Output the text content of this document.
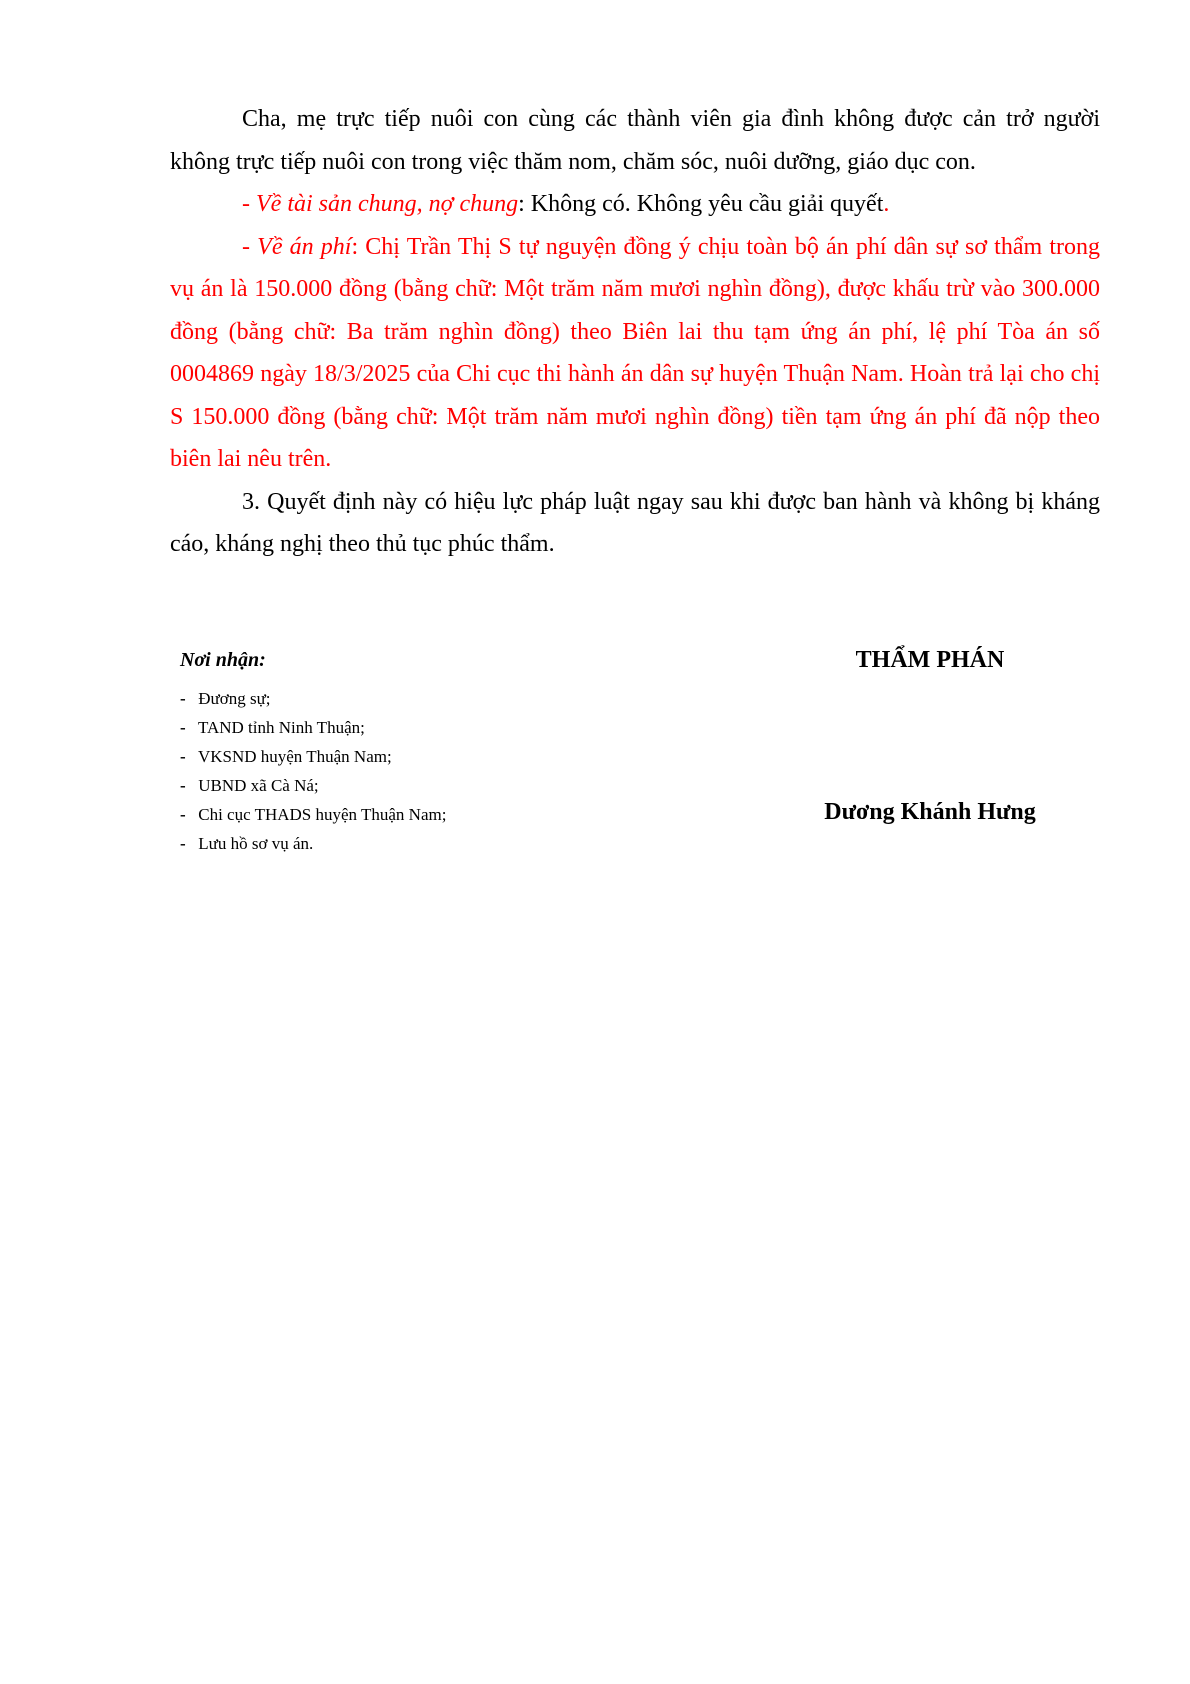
Cha, mẹ trực tiếp nuôi con cùng các thành viên gia đình không được cản trở người không trực tiếp nuôi con trong việc thăm nom, chăm sóc, nuôi dưỡng, giáo dục con.

- Về tài sản chung, nợ chung: Không có. Không yêu cầu giải quyết.

- Về án phí: Chị Trần Thị S tự nguyện đồng ý chịu toàn bộ án phí dân sự sơ thẩm trong vụ án là 150.000 đồng (bằng chữ: Một trăm năm mươi nghìn đồng), được khấu trừ vào 300.000 đồng (bằng chữ: Ba trăm nghìn đồng) theo Biên lai thu tạm ứng án phí, lệ phí Tòa án số 0004869 ngày 18/3/2025 của Chi cục thi hành án dân sự huyện Thuận Nam. Hoàn trả lại cho chị S 150.000 đồng (bằng chữ: Một trăm năm mươi nghìn đồng) tiền tạm ứng án phí đã nộp theo biên lai nêu trên.

3. Quyết định này có hiệu lực pháp luật ngay sau khi được ban hành và không bị kháng cáo, kháng nghị theo thủ tục phúc thẩm.

Nơi nhận:
- Đương sự;
- TAND tỉnh Ninh Thuận;
- VKSND huyện Thuận Nam;
- UBND xã Cà Ná;
- Chi cục THADS huyện Thuận Nam;
- Lưu hồ sơ vụ án.
THẨM PHÁN
Dương Khánh Hưng
